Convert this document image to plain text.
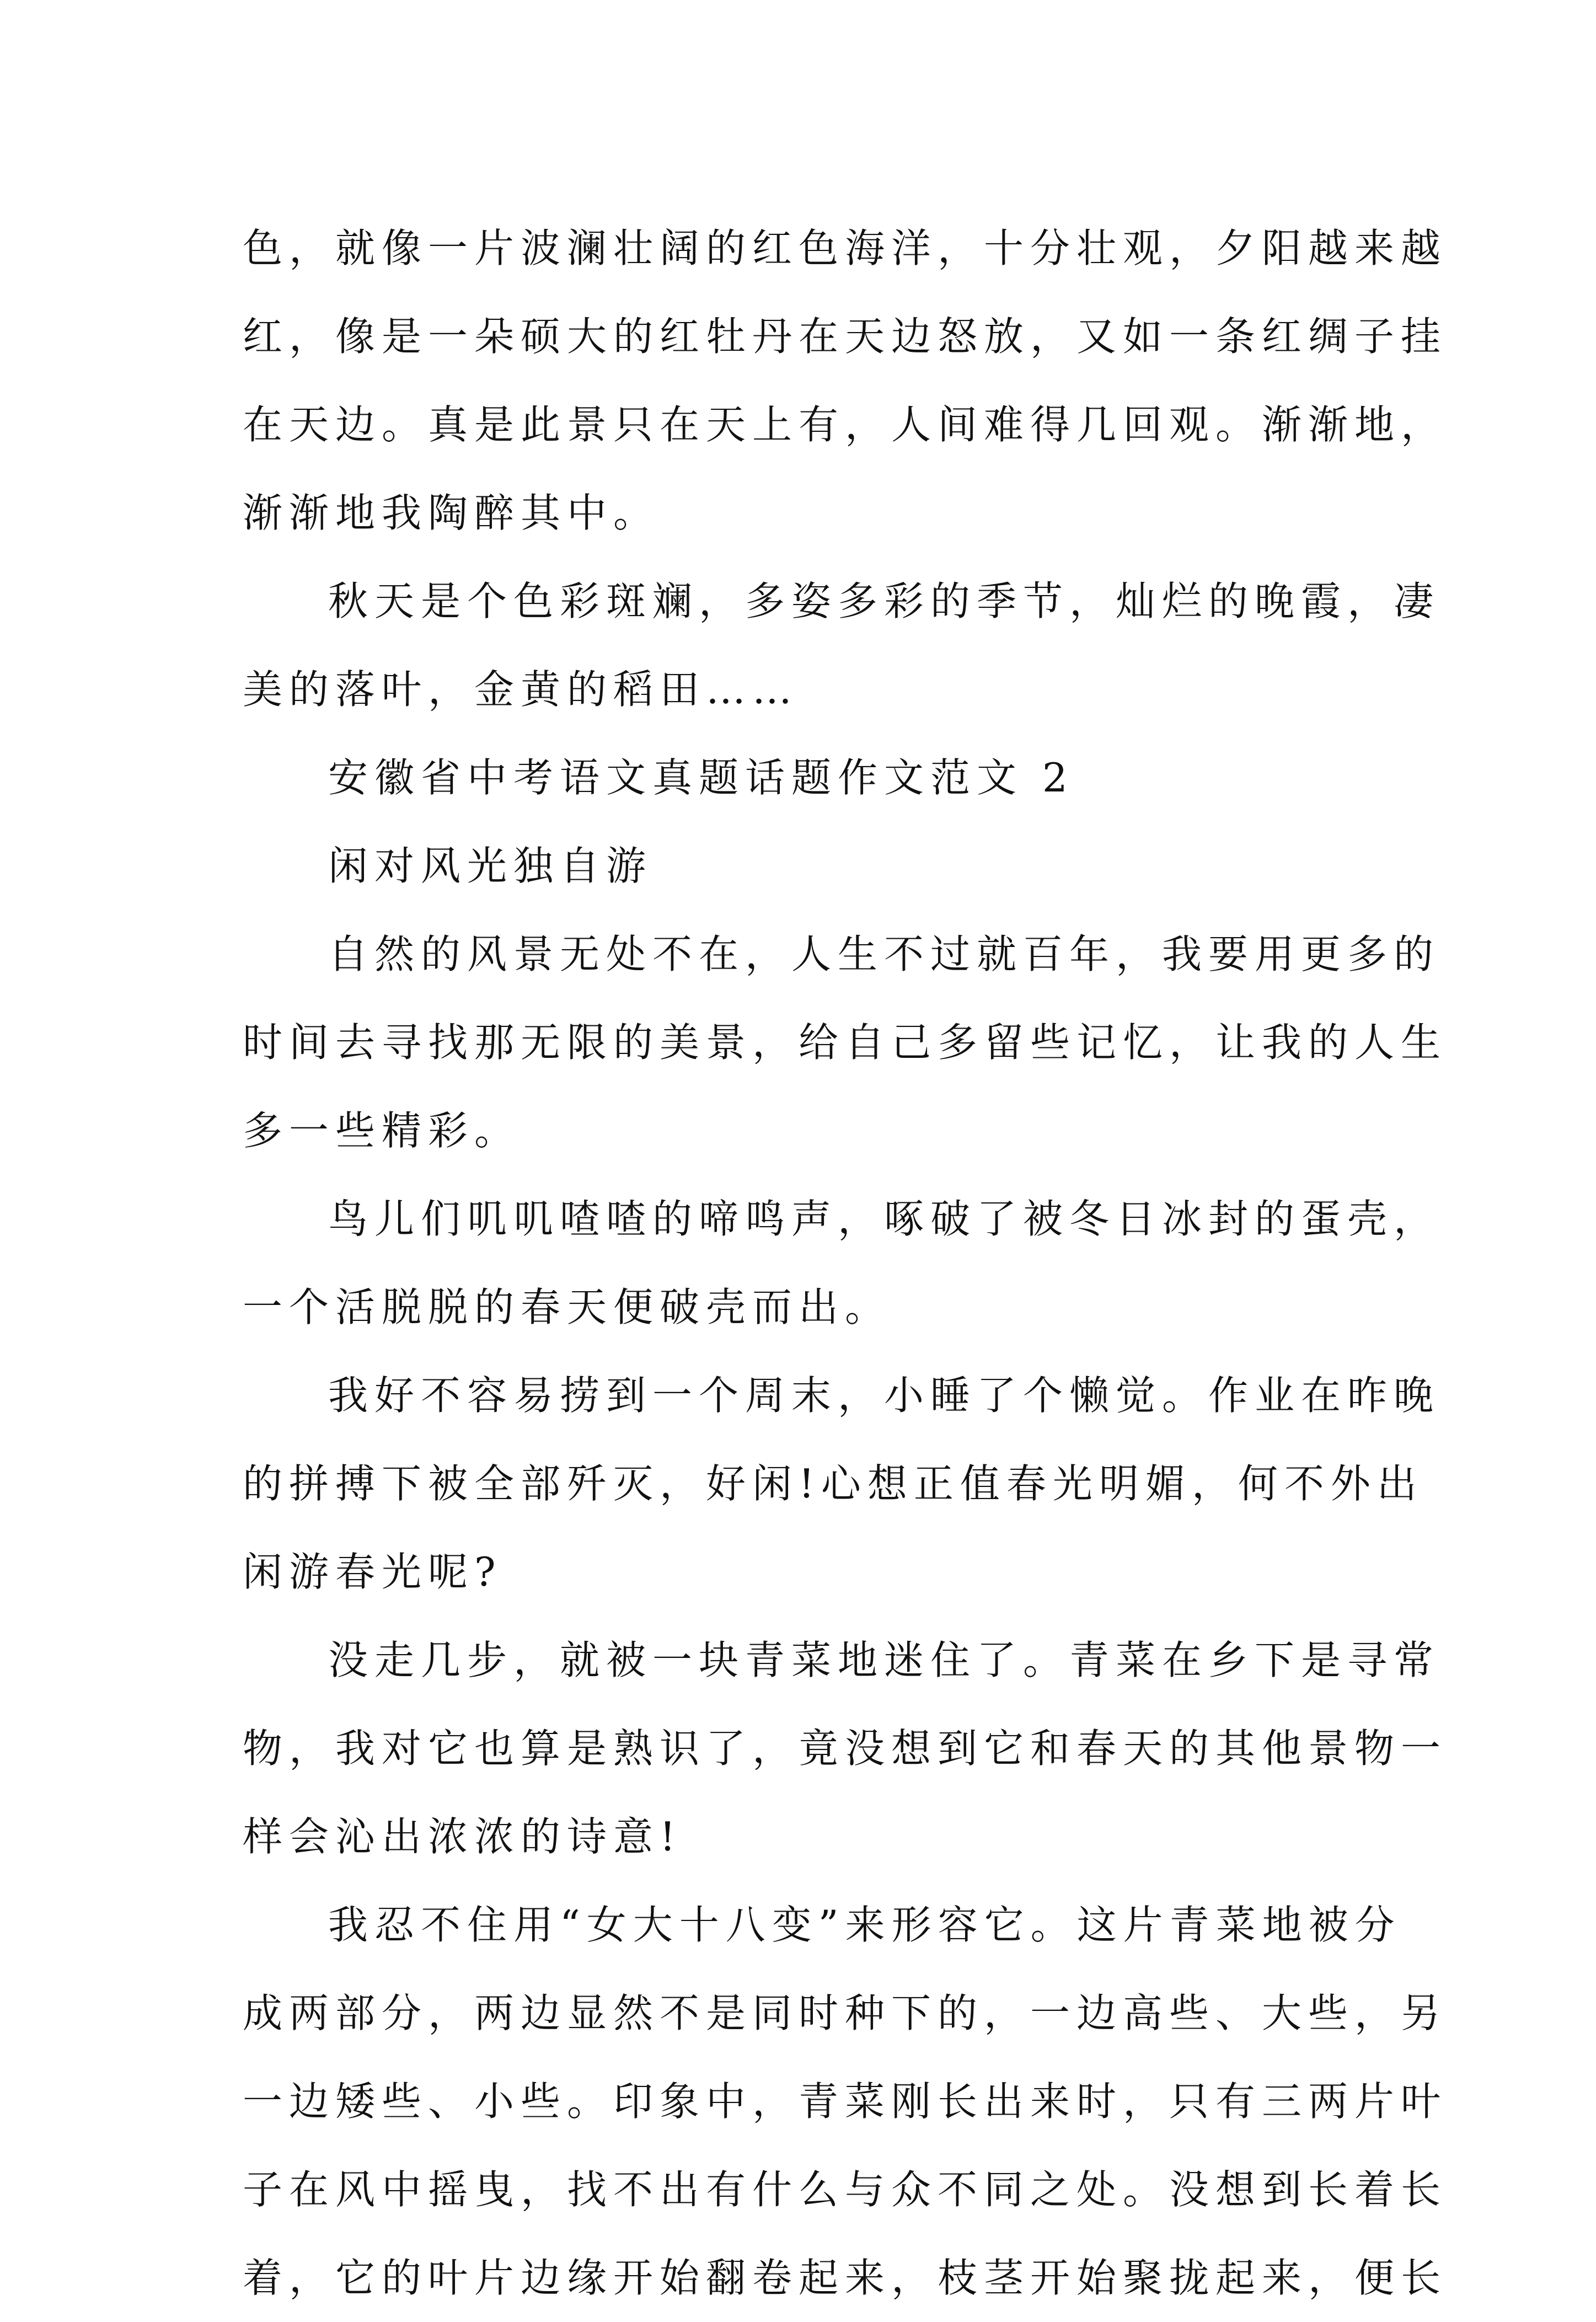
色，就像一片波澜壮阔的红色海洋，十分壮观，夕阳越来越
红，像是一朵硕大的红牡丹在天边怒放，又如一条红绸子挂
在天边。真是此景只在天上有，人间难得几回观。渐渐地，
渐渐地我陶醉其中。
秋天是个色彩斑斓，多姿多彩的季节，灿烂的晚霞，凄
美的落叶，金黄的稻田……
安徽省中考语文真题话题作文范文 2
闲对风光独自游
自然的风景无处不在，人生不过就百年，我要用更多的
时间去寻找那无限的美景，给自己多留些记忆，让我的人生
多一些精彩。
鸟儿们叽叽喳喳的啼鸣声，啄破了被冬日冰封的蛋壳，
一个活脱脱的春天便破壳而出。
我好不容易捞到一个周末，小睡了个懒觉。作业在昨晚
的拼搏下被全部歼灭，好闲!心想正值春光明媚，何不外出
闲游春光呢?
没走几步，就被一块青菜地迷住了。青菜在乡下是寻常
物，我对它也算是熟识了，竟没想到它和春天的其他景物一
样会沁出浓浓的诗意!
我忍不住用“女大十八变”来形容它。这片青菜地被分
成两部分，两边显然不是同时种下的，一边高些、大些，另
一边矮些、小些。印象中，青菜刚长出来时，只有三两片叶
子在风中摇曳，找不出有什么与众不同之处。没想到长着长
着，它的叶片边缘开始翻卷起来，枝茎开始聚拢起来，便长
